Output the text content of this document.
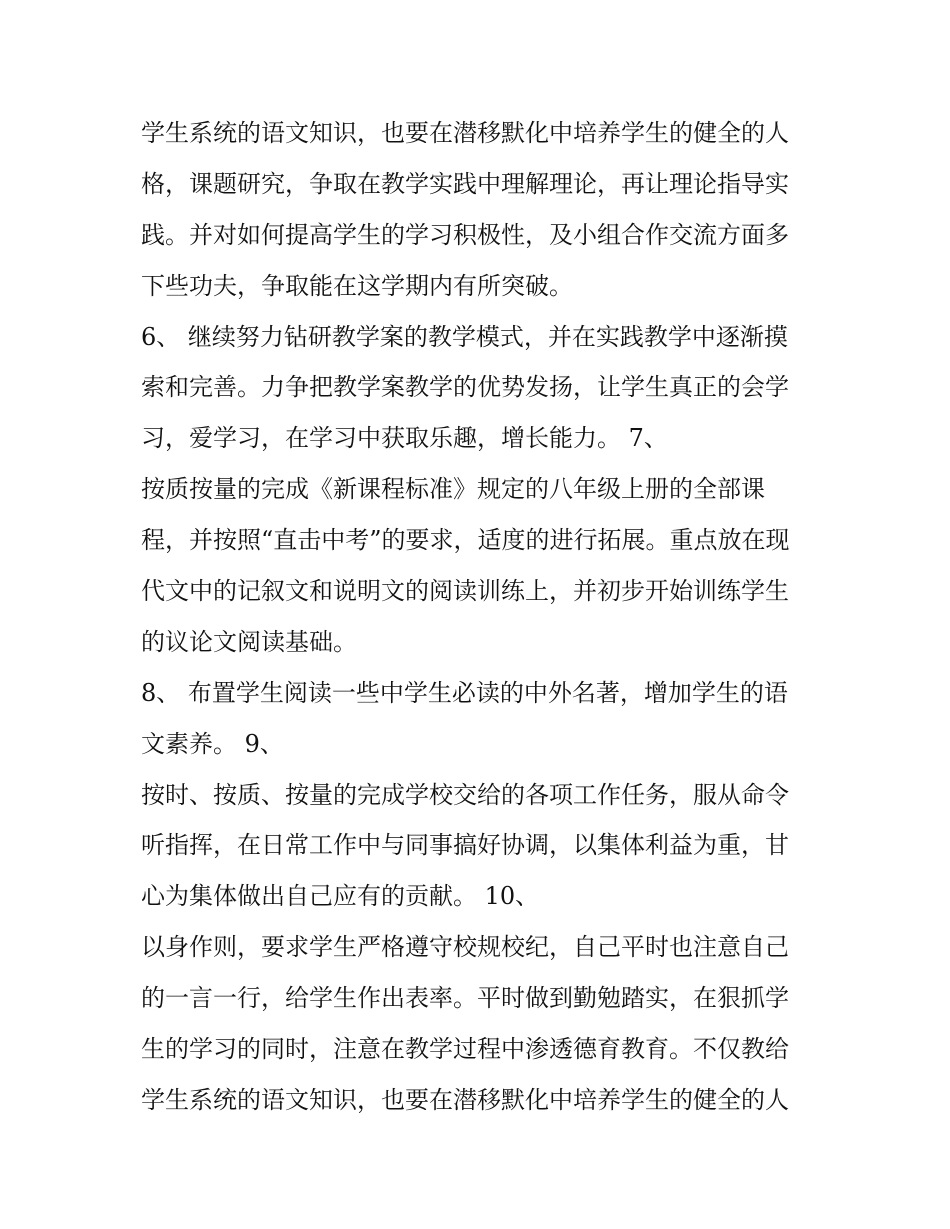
学生系统的语文知识，也要在潜移默化中培养学生的健全的人
格，课题研究，争取在教学实践中理解理论，再让理论指导实
践。并对如何提高学生的学习积极性，及小组合作交流方面多
下些功夫，争取能在这学期内有所突破。
6、 继续努力钻研教学案的教学模式，并在实践教学中逐渐摸
索和完善。力争把教学案教学的优势发扬，让学生真正的会学
习，爱学习，在学习中获取乐趣，增长能力。 7、
按质按量的完成《新课程标准》规定的八年级上册的全部课
程，并按照“直击中考”的要求，适度的进行拓展。重点放在现
代文中的记叙文和说明文的阅读训练上，并初步开始训练学生
的议论文阅读基础。
8、 布置学生阅读一些中学生必读的中外名著，增加学生的语
文素养。 9、
按时、按质、按量的完成学校交给的各项工作任务，服从命令
听指挥，在日常工作中与同事搞好协调，以集体利益为重，甘
心为集体做出自己应有的贡献。 10、
以身作则，要求学生严格遵守校规校纪，自己平时也注意自己
的一言一行，给学生作出表率。平时做到勤勉踏实，在狠抓学
生的学习的同时，注意在教学过程中渗透德育教育。不仅教给
学生系统的语文知识，也要在潜移默化中培养学生的健全的人
